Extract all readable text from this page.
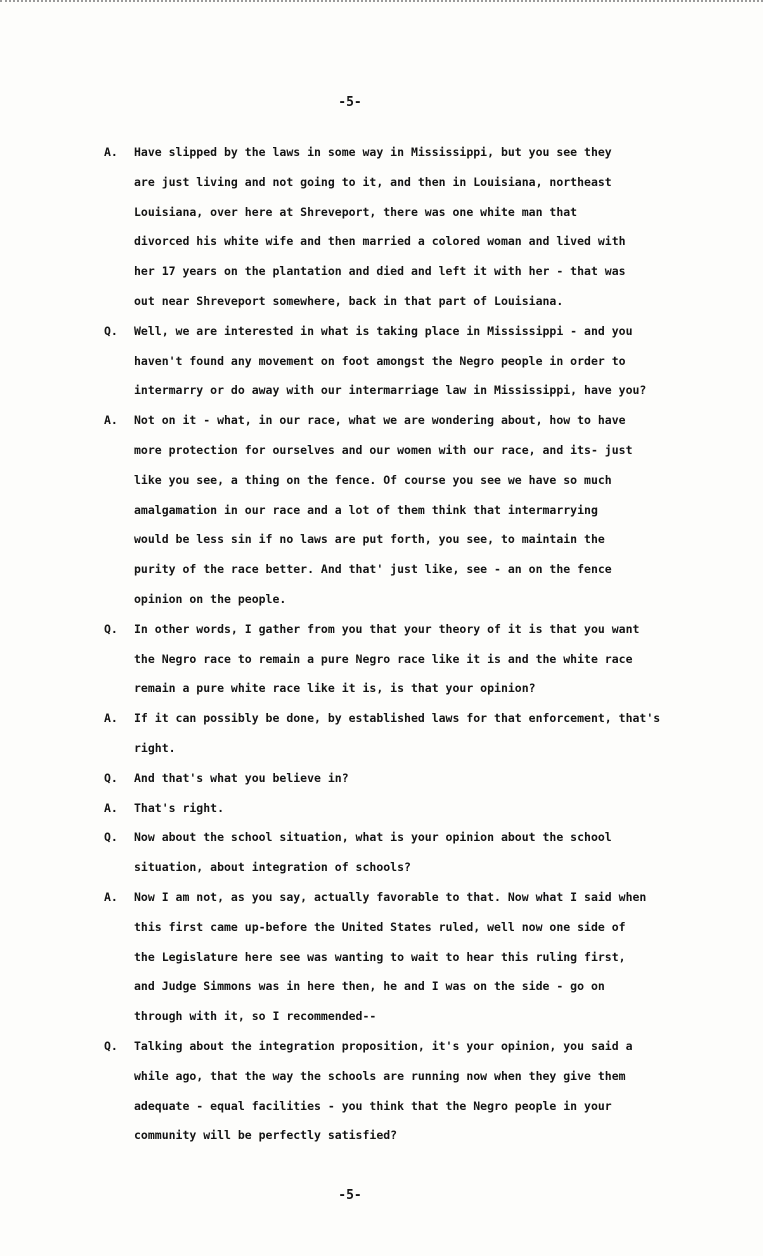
-5-
A.	Have slipped by the laws in some way in Mississippi, but you see they
are just living and not going to it, and then in Louisiana, northeast
Louisiana, over here at Shreveport, there was one white man that
divorced his white wife and then married a colored woman and lived with
her 17 years on the plantation and died and left it with her - that was
out near Shreveport somewhere, back in that part of Louisiana.
Q.	Well, we are interested in what is taking place in Mississippi - and you
haven't found any movement on foot amongst the Negro people in order to
intermarry or do away with our intermarriage law in Mississippi, have you?
A.	Not on it - what, in our race, what we are wondering about, how to have
more protection for ourselves and our women with our race, and its- just
like you see, a thing on the fence. Of course you see we have so much
amalgamation in our race and a lot of them think that intermarrying
would be less sin if no laws are put forth, you see, to maintain the
purity of the race better. And that' just like, see - an on the fence
opinion on the people.
Q.	In other words, I gather from you that your theory of it is that you want
the Negro race to remain a pure Negro race like it is and the white race
remain a pure white race like it is, is that your opinion?
A.	If it can possibly be done, by established laws for that enforcement, that's
right.
Q.	And that's what you believe in?
A.	That's right.
Q.	Now about the school situation, what is your opinion about the school
situation, about integration of schools?
A.	Now I am not, as you say, actually favorable to that. Now what I said when
this first came up-before the United States ruled, well now one side of
the Legislature here see was wanting to wait to hear this ruling first,
and Judge Simmons was in here then, he and I was on the side - go on
through with it, so I recommended--
Q.	Talking about the integration proposition, it's your opinion, you said a
while ago, that the way the schools are running now when they give them
adequate - equal facilities - you think that the Negro people in your
community will be perfectly satisfied?
-5-
